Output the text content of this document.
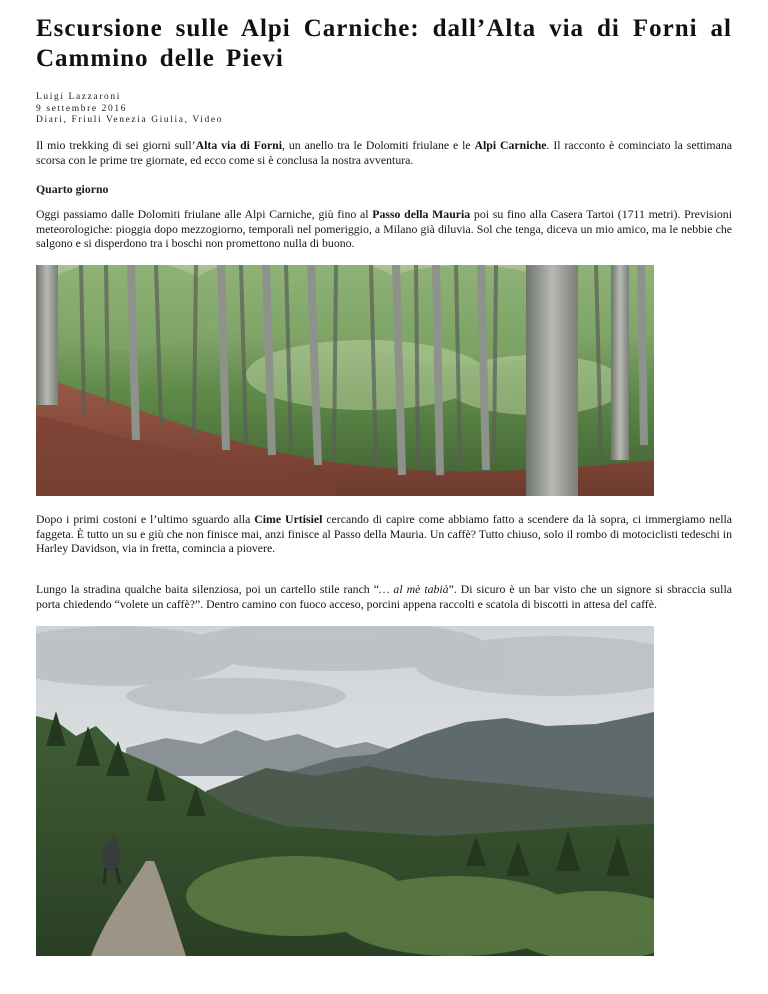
Escursione sulle Alpi Carniche: dall’Alta via di Forni al Cammino delle Pievi
Luigi Lazzaroni
9 settembre 2016
Diari, Friuli Venezia Giulia, Video

Il mio trekking di sei giorni sull’Alta via di Forni, un anello tra le Dolomiti friulane e le Alpi Carniche. Il racconto è cominciato la settimana scorsa con le prime tre giornate, ed ecco come si è conclusa la nostra avventura.

Quarto giorno

Oggi passiamo dalle Dolomiti friulane alle Alpi Carniche, giù fino al Passo della Mauria poi su fino alla Casera Tartoi (1711 metri). Previsioni meteorologiche: pioggia dopo mezzogiorno, temporali nel pomeriggio, a Milano già diluvia. Sol che tenga, diceva un mio amico, ma le nebbie che salgono e si disperdono tra i boschi non promettono nulla di buono.

Dopo i primi costoni e l’ultimo sguardo alla Cime Urtisiel cercando di capire come abbiamo fatto a scendere da là sopra, ci immergiamo nella faggeta. È tutto un su e giù che non finisce mai, anzi finisce al Passo della Mauria. Un caffè? Tutto chiuso, solo il rombo di motociclisti tedeschi in Harley Davidson, via in fretta, comincia a piovere.

Lungo la stradina qualche baita silenziosa, poi un cartello stile ranch “… al mè tabià”. Di sicuro è un bar visto che un signore si sbraccia sulla porta chiedendo “volete un caffè?”. Dentro camino con fuoco acceso, porcini appena raccolti e scatola di biscotti in attesa del caffè.
